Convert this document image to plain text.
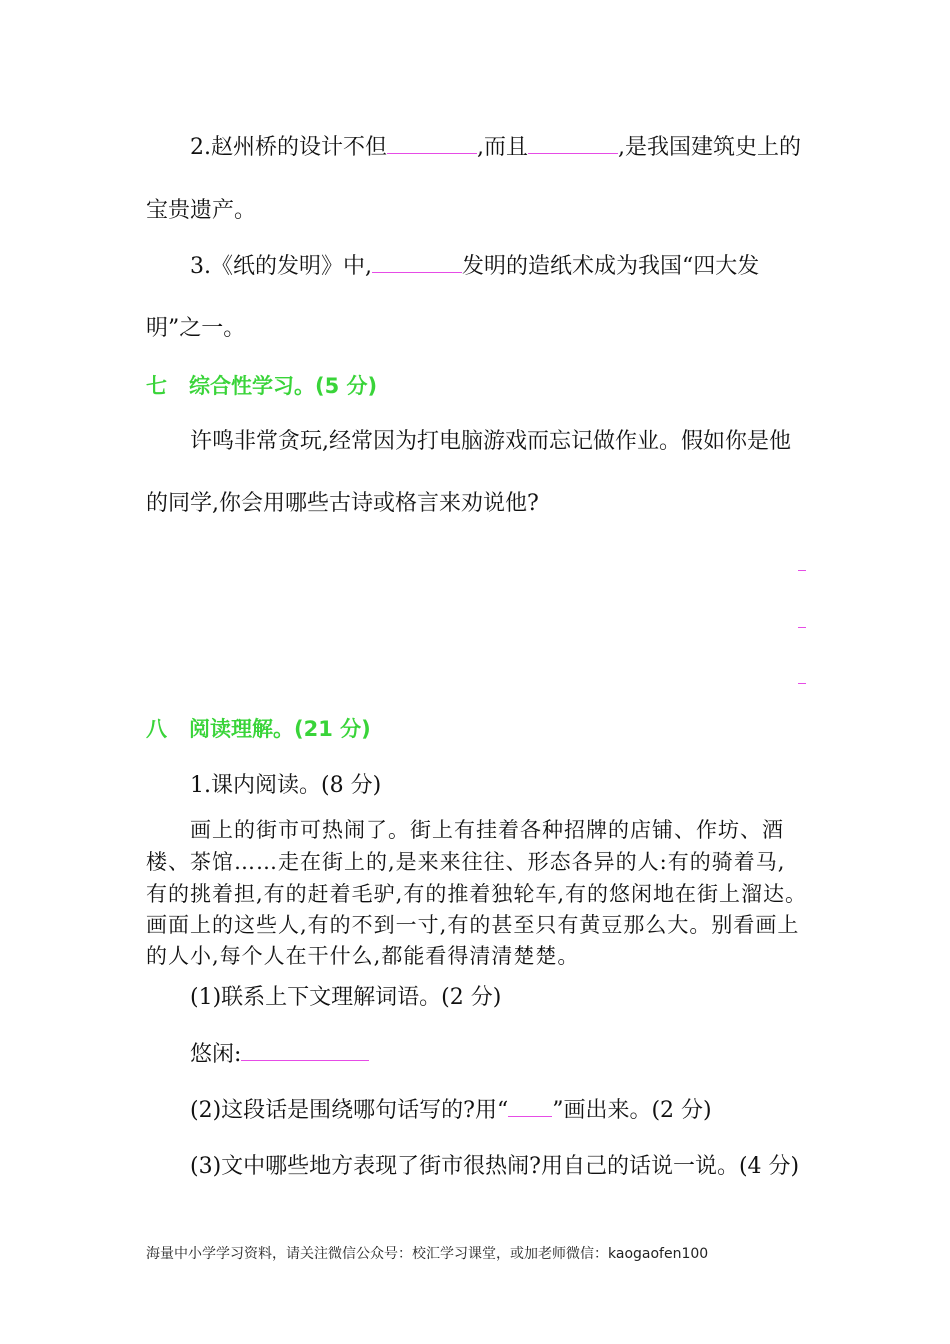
2.赵州桥的设计不但	,而且	,是我国建筑史上的
宝贵遗产。
3.《纸的发明》中,	发明的造纸术成为我国“四大发
明”之一。
七 综合性学习。(5 分)
许鸣非常贪玩,经常因为打电脑游戏而忘记做作业。假如你是他
的同学,你会用哪些古诗或格言来劝说他?
八 阅读理解。(21 分)
1.课内阅读。(8 分)
画上的街市可热闹了。街上有挂着各种招牌的店铺、作坊、酒
楼、茶馆……走在街上的,是来来往往、形态各异的人:有的骑着马,
有的挑着担,有的赶着毛驴,有的推着独轮车,有的悠闲地在街上溜达。
画面上的这些人,有的不到一寸,有的甚至只有黄豆那么大。别看画上
的人小,每个人在干什么,都能看得清清楚楚。
(1)联系上下文理解词语。(2 分)
悠闲:
(2)这段话是围绕哪句话写的?用“ ”画出来。(2 分)
(3)文中哪些地方表现了街市很热闹?用自己的话说一说。(4 分)
海量中小学学习资料，请关注微信公众号：校汇学习课堂，或加老师微信：kaogaofen100
